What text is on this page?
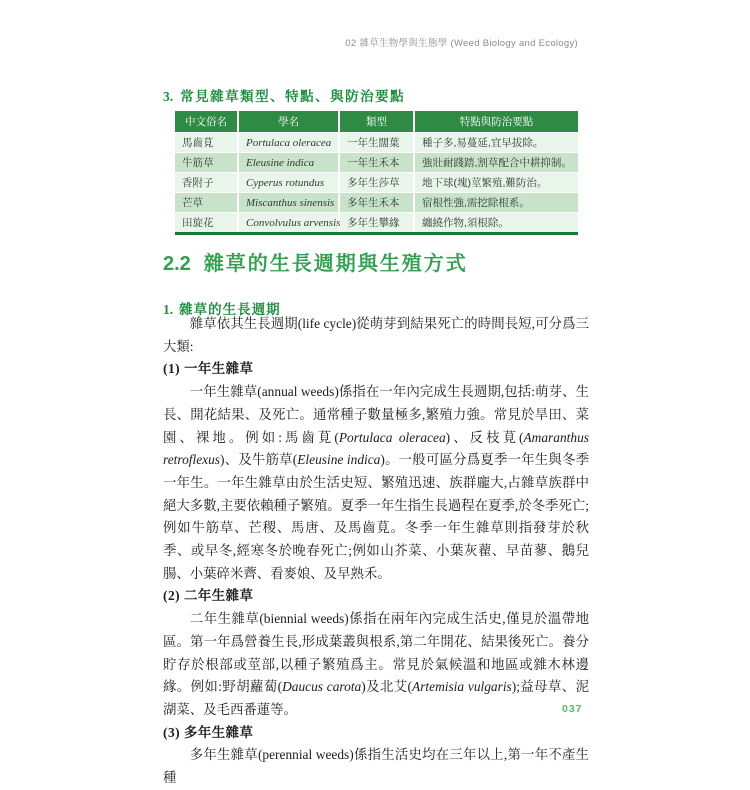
02 雜草生物學與生態學 (Weed Biology and Ecology)
3. 常見雜草類型、特點、與防治要點
中文俗名	學名	類型	特點與防治要點
馬齒莧	Portulaca oleracea	一年生闊葉	種子多,易蔓延,宜早拔除。
牛筋草	Eleusine indica	一年生禾本	強壯耐踐踏,割草配合中耕抑制。
香附子	Cyperus rotundus	多年生莎草	地下球(塊)莖繁殖,難防治。
芒草	Miscanthus sinensis	多年生禾本	宿根性強,需挖除根系。
田旋花	Convolvulus arvensis	多年生攀緣	纏繞作物,須根除。
2.2 雜草的生長週期與生殖方式
1. 雜草的生長週期

雜草依其生長週期(life cycle)從萌芽到結果死亡的時間長短,可分爲三大類:

(1) 一年生雜草

一年生雜草(annual weeds)係指在一年內完成生長週期,包括:萌芽、生長、開花結果、及死亡。通常種子數量極多,繁殖力強。常見於旱田、菜園、裸地。例如:馬齒莧(Portulaca oleracea)、反枝莧(Amaranthus retroflexus)、及牛筋草(Eleusine indica)。一般可區分爲夏季一年生與冬季一年生。一年生雜草由於生活史短、繁殖迅速、族群龐大,占雜草族群中絕大多數,主要依賴種子繁殖。夏季一年生指生長過程在夏季,於冬季死亡;例如牛筋草、芒稷、馬唐、及馬齒莧。冬季一年生雜草則指發芽於秋季、或早冬,經寒冬於晚春死亡;例如山芥菜、小葉灰藋、早苗蓼、鵝兒腸、小葉碎米薺、看麥娘、及早熟禾。

(2) 二年生雜草

二年生雜草(biennial weeds)係指在兩年內完成生活史,僅見於溫帶地區。第一年爲營養生長,形成葉叢與根系,第二年開花、結果後死亡。養分貯存於根部或莖部,以種子繁殖爲主。常見於氣候溫和地區或雜木林邊緣。例如:野胡蘿蔔(Daucus carota)及北艾(Artemisia vulgaris);益母草、泥湖菜、及毛西番蓮等。

(3) 多年生雜草

多年生雜草(perennial weeds)係指生活史均在三年以上,第一年不產生種

037
